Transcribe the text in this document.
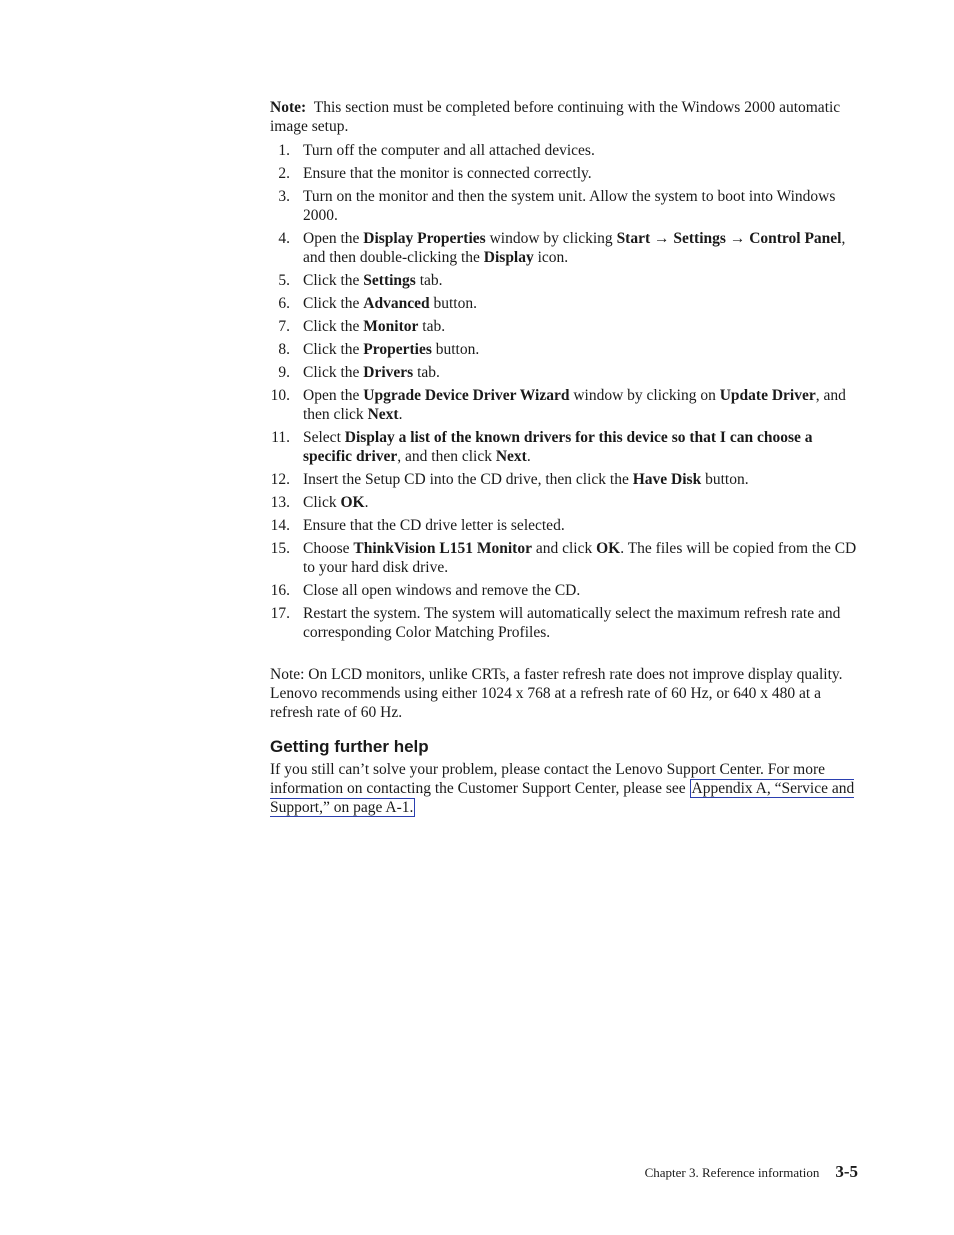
Note: This section must be completed before continuing with the Windows 2000 automatic image setup.

1. Turn off the computer and all attached devices.
2. Ensure that the monitor is connected correctly.
3. Turn on the monitor and then the system unit. Allow the system to boot into Windows 2000.
4. Open the Display Properties window by clicking Start → Settings → Control Panel, and then double-clicking the Display icon.
5. Click the Settings tab.
6. Click the Advanced button.
7. Click the Monitor tab.
8. Click the Properties button.
9. Click the Drivers tab.
10. Open the Upgrade Device Driver Wizard window by clicking on Update Driver, and then click Next.
11. Select Display a list of the known drivers for this device so that I can choose a specific driver, and then click Next.
12. Insert the Setup CD into the CD drive, then click the Have Disk button.
13. Click OK.
14. Ensure that the CD drive letter is selected.
15. Choose ThinkVision L151 Monitor and click OK. The files will be copied from the CD to your hard disk drive.
16. Close all open windows and remove the CD.
17. Restart the system. The system will automatically select the maximum refresh rate and corresponding Color Matching Profiles.

Note: On LCD monitors, unlike CRTs, a faster refresh rate does not improve display quality. Lenovo recommends using either 1024 x 768 at a refresh rate of 60 Hz, or 640 x 480 at a refresh rate of 60 Hz.

Getting further help

If you still can’t solve your problem, please contact the Lenovo Support Center. For more information on contacting the Customer Support Center, please see Appendix A, “Service and Support,” on page A-1.

Chapter 3. Reference information 3-5
